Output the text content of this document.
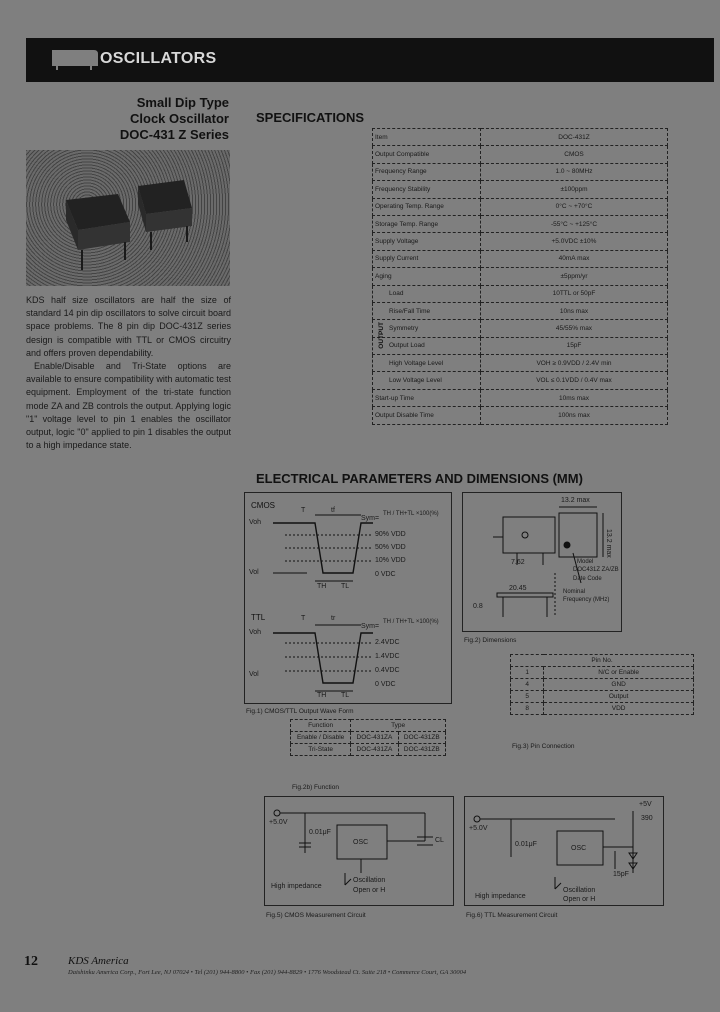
OSCILLATORS
Small Dip Type
Clock Oscillator
DOC-431 Z Series

KDS half size oscillators are half the size of standard 14 pin dip oscillators to solve circuit board space problems. The 8 pin dip DOC-431Z series design is compatible with TTL or CMOS circuitry and offers proven dependability.

Enable/Disable and Tri-State options are available to ensure compatibility with automatic test equipment. Employment of the tri-state function mode ZA and ZB controls the output. Applying logic "1" voltage level to pin 1 enables the oscillator output, logic "0" applied to pin 1 disables the output to a high impedance state.

SPECIFICATIONS
Item	DOC-431Z
Output Compatible	CMOS
Frequency Range	1.0 ~ 80MHz
Frequency Stability	±100ppm
Operating Temp. Range	0°C ~ +70°C
Storage Temp. Range	-55°C ~ +125°C
Supply Voltage	+5.0VDC ±10%
Supply Current	40mA max
Aging	±5ppm/yr
Load	10TTL or 50pF
Rise/Fall Time	10ns max
Symmetry	45/55% max
Output Load	15pF
High Voltage Level	VOH ≥ 0.9VDD / 2.4V min
Low Voltage Level	VOL ≤ 0.1VDD / 0.4V max
Start-up Time	10ms max
Output Disable Time	100ns max
OUTPUT
ELECTRICAL PARAMETERS AND DIMENSIONS (MM)
CMOS
T	tf
Sym=
TH / TH+TL ×100(%)
Voh
Vol
90% VDD
50% VDD
10% VDD
0 VDC
TH TL
TTL	T	tr
Sym=
TH / TH+TL ×100(%)
Voh
Vol
2.4VDC
1.4VDC
0.4VDC
0 VDC
TH TL
Fig.1) CMOS/TTL Output Wave Form
13.2 max
13.2 max
20.45
7.62
0.8
Model
DOC431Z ZA/ZB
Date Code
Nominal
Frequency (MHz)
Fig.2) Dimensions
Pin No.	
1	N/C or Enable
4	GND
5	Output
8	VDD
Fig.3) Pin Connection
Function	Type	
Enable / Disable	DOC-431ZA	DOC-431ZB
Tri-State	DOC-431ZA	DOC-431ZB
Fig.2b) Function
+5.0V
0.01μF
OSC	CL
High impedance
Oscillation
Open or H
Fig.5) CMOS Measurement Circuit
+5.0V
0.01μF
OSC
15pF
+5V
390
High impedance
Oscillation
Open or H
Fig.6) TTL Measurement Circuit
12	KDS America
Daishinku America Corp., Fort Lee, NJ 07024 • Tel (201) 944-8800 • Fax (201) 944-8829 • 1776 Woodstead Ct. Suite 218 • Commerce Court, GA 30004
